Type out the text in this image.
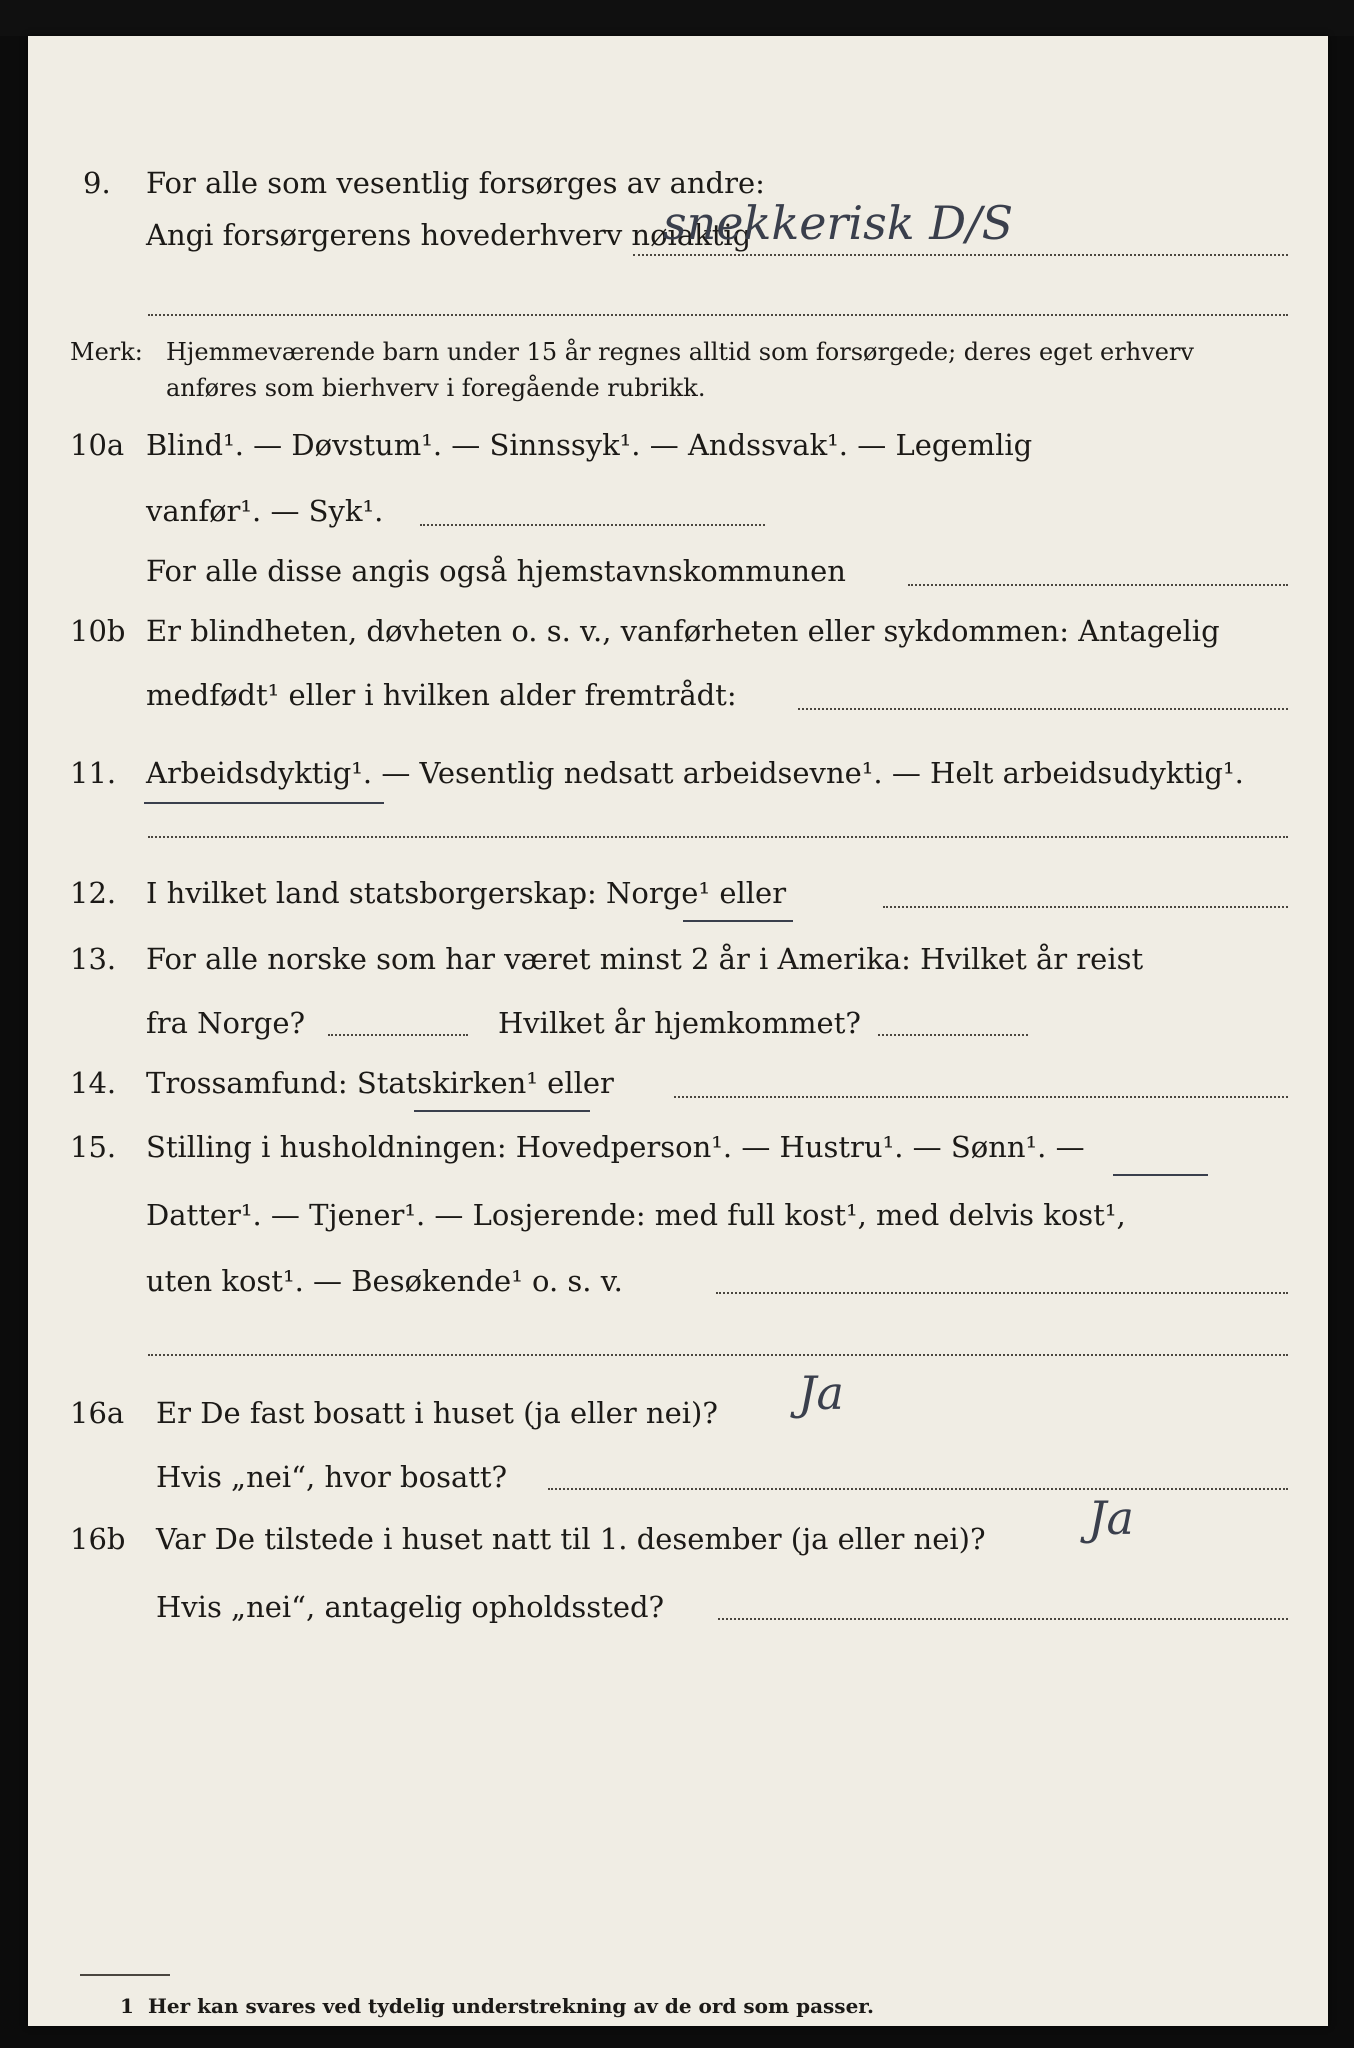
9. For alle som vesentlig forsørges av andre:
Angi forsørgerens hovederhverv nøiaktig
snekkerisk D/S
Merk: Hjemmeværende barn under 15 år regnes alltid som forsørgede; deres eget erhverv
anføres som bierhverv i foregående rubrikk.
10a Blind¹. — Døvstum¹. — Sinnssyk¹. — Andssvak¹. — Legemlig
vanfør¹. — Syk¹.
For alle disse angis også hjemstavnskommunen
10b Er blindheten, døvheten o. s. v., vanførheten eller sykdommen: Antagelig
medfødt¹ eller i hvilken alder fremtrådt:
11. Arbeidsdyktig¹. — Vesentlig nedsatt arbeidsevne¹. — Helt arbeidsudyktig¹.
12. I hvilket land statsborgerskap: Norge¹ eller
13. For alle norske som har været minst 2 år i Amerika: Hvilket år reist
fra Norge?	Hvilket år hjemkommet?
14. Trossamfund: Statskirken¹ eller
15. Stilling i husholdningen: Hovedperson¹. — Hustru¹. — Sønn¹. —
Datter¹. — Tjener¹. — Losjerende: med full kost¹, med delvis kost¹,
uten kost¹. — Besøkende¹ o. s. v.
16a Er De fast bosatt i huset (ja eller nei)? Ja
Hvis „nei“, hvor bosatt?
16b Var De tilstede i huset natt til 1. desember (ja eller nei)? Ja
Hvis „nei“, antagelig opholdssted?
1 Her kan svares ved tydelig understrekning av de ord som passer.
